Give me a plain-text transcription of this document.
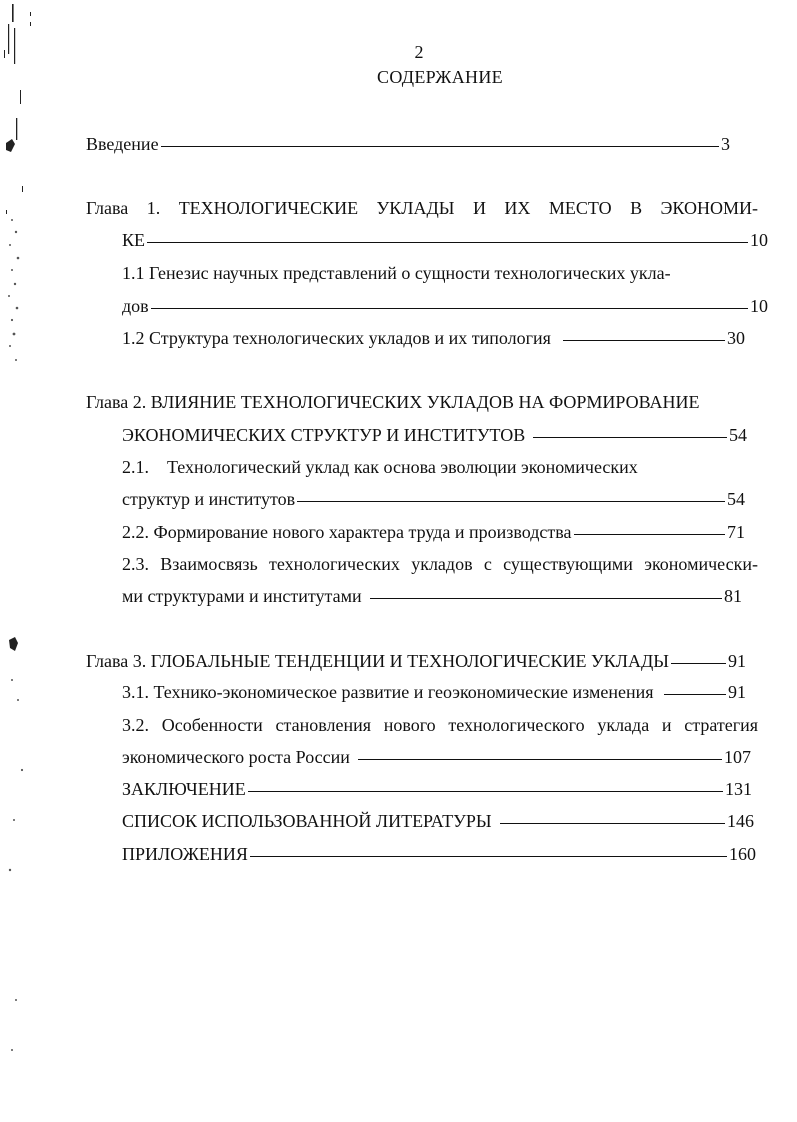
2
СОДЕРЖАНИЕ
Введение	3
Глава 1. ТЕХНОЛОГИЧЕСКИЕ УКЛАДЫ И ИХ МЕСТО В ЭКОНОМИ-
КЕ	10
1.1 Генезис научных представлений о сущности технологических укла-
дов	10
1.2 Структура технологических укладов и их типология	30
Глава 2. ВЛИЯНИЕ ТЕХНОЛОГИЧЕСКИХ УКЛАДОВ НА ФОРМИРОВАНИЕ
ЭКОНОМИЧЕСКИХ СТРУКТУР И ИНСТИТУТОВ	54
2.1.    Технологический уклад как основа эволюции экономических
структур и институтов	54
2.2. Формирование нового характера труда и производства	71
2.3. Взаимосвязь технологических укладов с существующими экономически-
ми структурами и институтами	81
Глава 3. ГЛОБАЛЬНЫЕ ТЕНДЕНЦИИ И ТЕХНОЛОГИЧЕСКИЕ УКЛАДЫ	91
3.1. Технико-экономическое развитие и геоэкономические изменения	91
3.2. Особенности становления нового технологического уклада и стратегия
экономического роста России	107
ЗАКЛЮЧЕНИЕ	131
СПИСОК ИСПОЛЬЗОВАННОЙ ЛИТЕРАТУРЫ	146
ПРИЛОЖЕНИЯ	160
